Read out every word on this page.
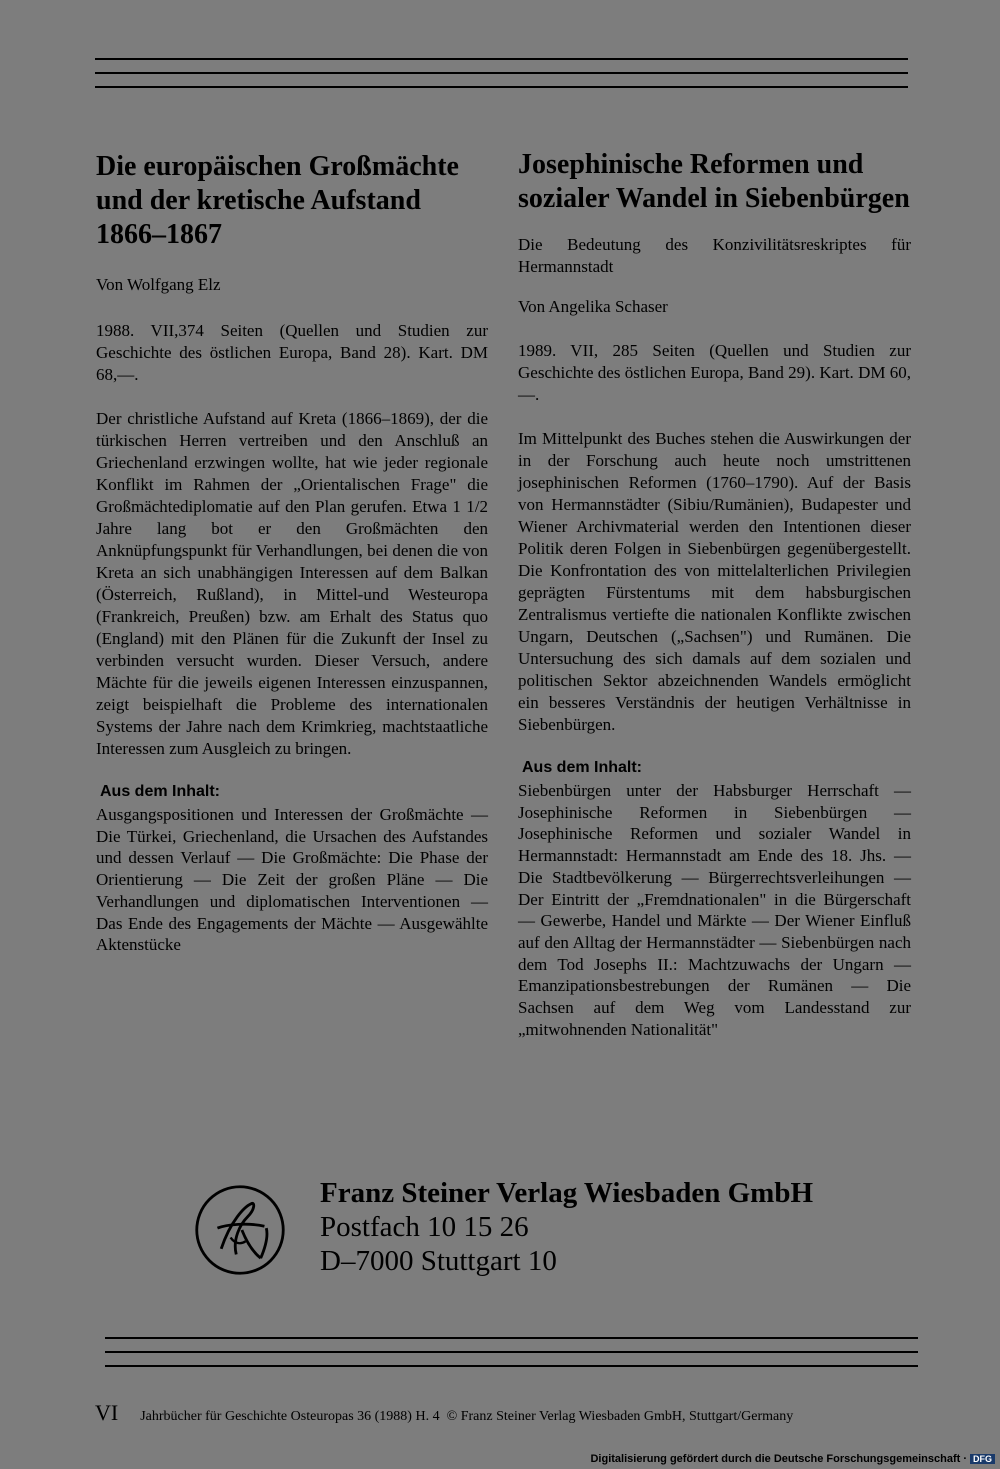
Die europäischen Großmächte und der kretische Aufstand 1866–1867

Von Wolfgang Elz

1988. VII,374 Seiten (Quellen und Studien zur Geschichte des östlichen Europa, Band 28). Kart. DM 68,—.

Der christliche Aufstand auf Kreta (1866–1869), der die türkischen Herren vertreiben und den Anschluß an Griechenland erzwingen wollte, hat wie jeder regionale Konflikt im Rahmen der „Orientalischen Frage" die Großmächtediplomatie auf den Plan gerufen. Etwa 1 1/2 Jahre lang bot er den Großmächten den Anknüpfungspunkt für Verhandlungen, bei denen die von Kreta an sich unabhängigen Interessen auf dem Balkan (Österreich, Rußland), in Mittel-und Westeuropa (Frankreich, Preußen) bzw. am Erhalt des Status quo (England) mit den Plänen für die Zukunft der Insel zu verbinden versucht wurden. Dieser Versuch, andere Mächte für die jeweils eigenen Interessen einzuspannen, zeigt beispielhaft die Probleme des internationalen Systems der Jahre nach dem Krimkrieg, machtstaatliche Interessen zum Ausgleich zu bringen.

Aus dem Inhalt:

Ausgangspositionen und Interessen der Großmächte — Die Türkei, Griechenland, die Ursachen des Aufstandes und dessen Verlauf — Die Großmächte: Die Phase der Orientierung — Die Zeit der großen Pläne — Die Verhandlungen und diplomatischen Interventionen — Das Ende des Engagements der Mächte — Ausgewählte Aktenstücke

Josephinische Reformen und sozialer Wandel in Siebenbürgen

Die Bedeutung des Konzivilitätsreskriptes für Hermannstadt

Von Angelika Schaser

1989. VII, 285 Seiten (Quellen und Studien zur Geschichte des östlichen Europa, Band 29). Kart. DM 60,—.

Im Mittelpunkt des Buches stehen die Auswirkungen der in der Forschung auch heute noch umstrittenen josephinischen Reformen (1760–1790). Auf der Basis von Hermannstädter (Sibiu/Rumänien), Budapester und Wiener Archivmaterial werden den Intentionen dieser Politik deren Folgen in Siebenbürgen gegenübergestellt. Die Konfrontation des von mittelalterlichen Privilegien geprägten Fürstentums mit dem habsburgischen Zentralismus vertiefte die nationalen Konflikte zwischen Ungarn, Deutschen („Sachsen") und Rumänen. Die Untersuchung des sich damals auf dem sozialen und politischen Sektor abzeichnenden Wandels ermöglicht ein besseres Verständnis der heutigen Verhältnisse in Siebenbürgen.

Aus dem Inhalt:

Siebenbürgen unter der Habsburger Herrschaft — Josephinische Reformen in Siebenbürgen — Josephinische Reformen und sozialer Wandel in Hermannstadt: Hermannstadt am Ende des 18. Jhs. — Die Stadtbevölkerung — Bürgerrechtsverleihungen — Der Eintritt der „Fremdnationalen" in die Bürgerschaft — Gewerbe, Handel und Märkte — Der Wiener Einfluß auf den Alltag der Hermannstädter — Siebenbürgen nach dem Tod Josephs II.: Machtzuwachs der Ungarn — Emanzipationsbestrebungen der Rumänen — Die Sachsen auf dem Weg vom Landesstand zur „mitwohnenden Nationalität"

Franz Steiner Verlag Wiesbaden GmbH
Postfach 10 15 26
D–7000 Stuttgart 10
VI Jahrbücher für Geschichte Osteuropas 36 (1988) H. 4  © Franz Steiner Verlag Wiesbaden GmbH, Stuttgart/Germany
Digitalisierung gefördert durch die Deutsche Forschungsgemeinschaft · DFG
